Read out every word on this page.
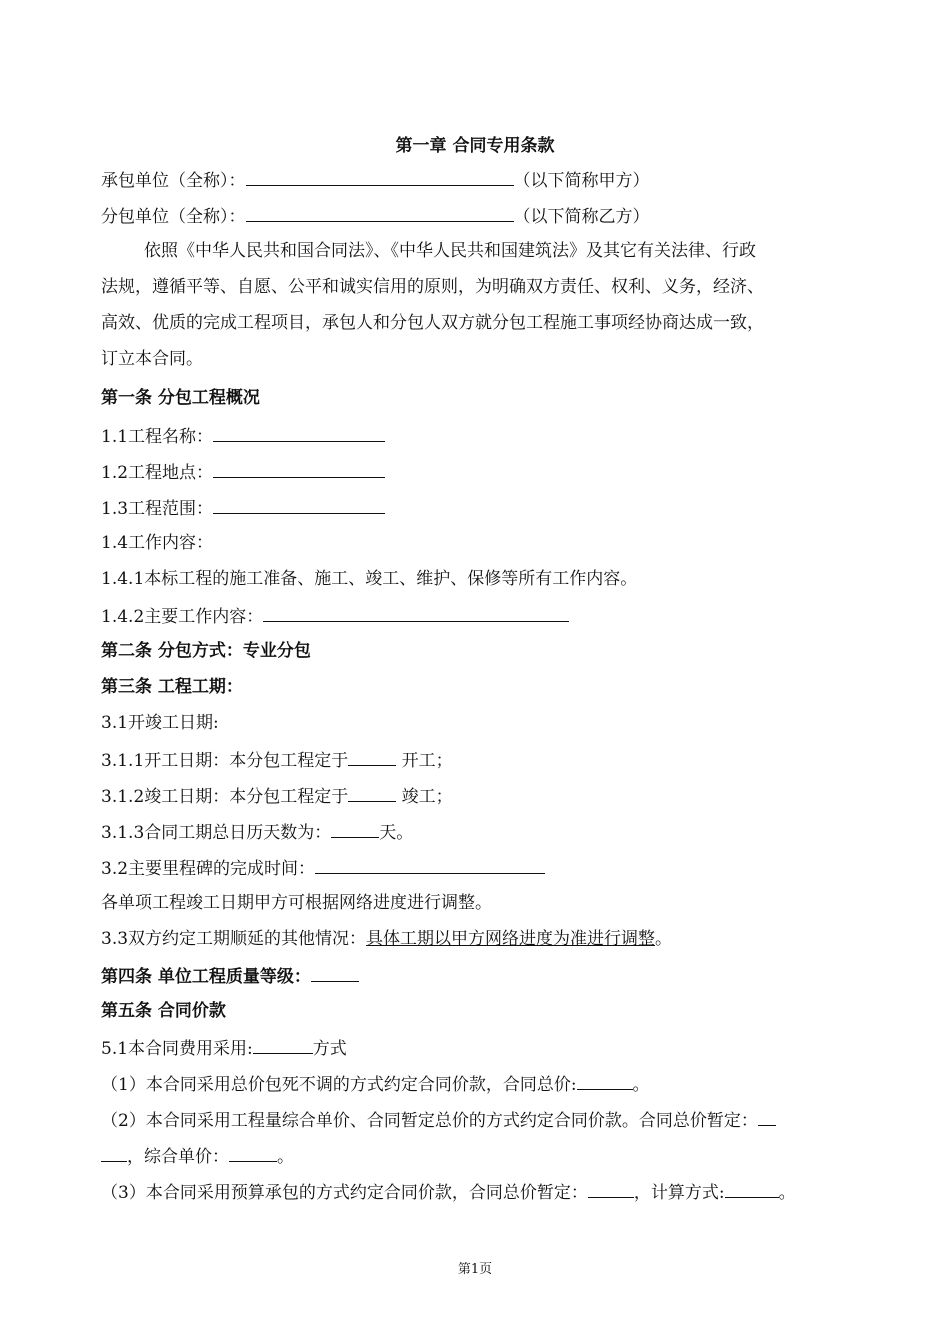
第一章 合同专用条款
承包单位（全称）：	（以下简称甲方）
分包单位（全称）：	（以下简称乙方）
依照《中华人民共和国合同法》、《中华人民共和国建筑法》及其它有关法律、行政
法规，遵循平等、自愿、公平和诚实信用的原则，为明确双方责任、权利、义务，经济、
高效、优质的完成工程项目，承包人和分包人双方就分包工程施工事项经协商达成一致，
订立本合同。
第一条 分包工程概况
1.1工程名称：
1.2工程地点：
1.3工程范围：
1.4工作内容：
1.4.1本标工程的施工准备、施工、竣工、维护、保修等所有工作内容。
1.4.2主要工作内容：
第二条 分包方式：专业分包
第三条 工程工期：
3.1开竣工日期:
3.1.1开工日期：本分包工程定于	开工；
3.1.2竣工日期：本分包工程定于	竣工；
3.1.3合同工期总日历天数为：	天。
3.2主要里程碑的完成时间：
各单项工程竣工日期甲方可根据网络进度进行调整。
3.3双方约定工期顺延的其他情况：具体工期以甲方网络进度为准进行调整。
第四条 单位工程质量等级：
第五条 合同价款
5.1本合同费用采用:	方式
（1）本合同采用总价包死不调的方式约定合同价款，合同总价:	。
（2）本合同采用工程量综合单价、合同暂定总价的方式约定合同价款。合同总价暂定：
，综合单价：	。
（3）本合同采用预算承包的方式约定合同价款，合同总价暂定：	，计算方式:	。
第1页
